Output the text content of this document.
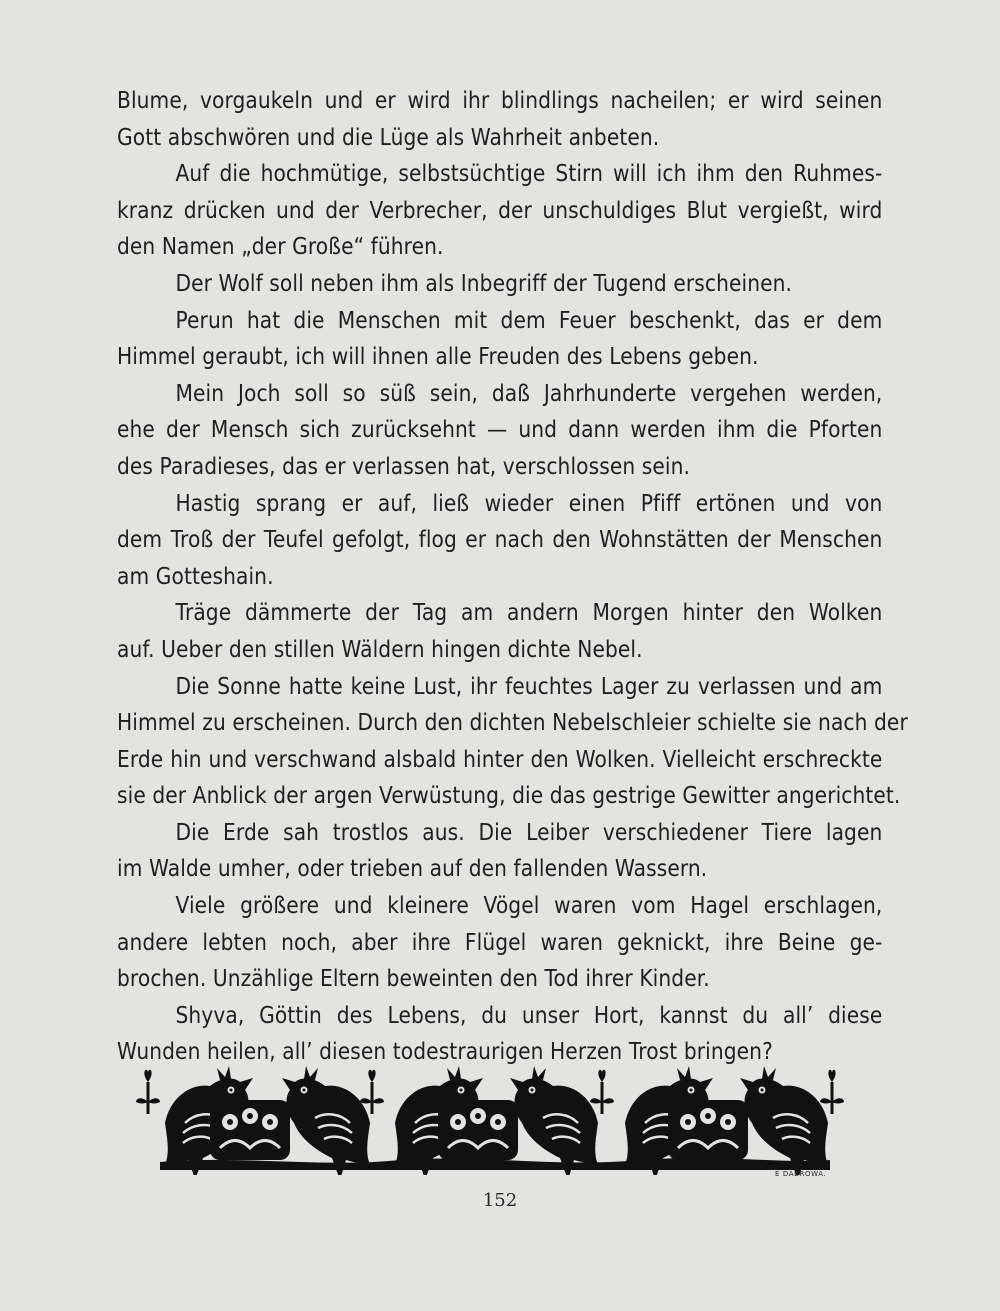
Blume, vorgaukeln und er wird ihr blindlings nacheilen; er wird seinen
Gott abschwören und die Lüge als Wahrheit anbeten.
Auf die hochmütige, selbstsüchtige Stirn will ich ihm den Ruhmes-
kranz drücken und der Verbrecher, der unschuldiges Blut vergießt, wird
den Namen „der Große“ führen.
Der Wolf soll neben ihm als Inbegriff der Tugend erscheinen.
Perun hat die Menschen mit dem Feuer beschenkt, das er dem
Himmel geraubt, ich will ihnen alle Freuden des Lebens geben.
Mein Joch soll so süß sein, daß Jahrhunderte vergehen werden,
ehe der Mensch sich zurücksehnt — und dann werden ihm die Pforten
des Paradieses, das er verlassen hat, verschlossen sein.
Hastig sprang er auf, ließ wieder einen Pfiff ertönen und von
dem Troß der Teufel gefolgt, flog er nach den Wohnstätten der Menschen
am Gotteshain.
Träge dämmerte der Tag am andern Morgen hinter den Wolken
auf. Ueber den stillen Wäldern hingen dichte Nebel.
Die Sonne hatte keine Lust, ihr feuchtes Lager zu verlassen und am
Himmel zu erscheinen. Durch den dichten Nebelschleier schielte sie nach der
Erde hin und verschwand alsbald hinter den Wolken. Vielleicht erschreckte
sie der Anblick der argen Verwüstung, die das gestrige Gewitter angerichtet.
Die Erde sah trostlos aus. Die Leiber verschiedener Tiere lagen
im Walde umher, oder trieben auf den fallenden Wassern.
Viele größere und kleinere Vögel waren vom Hagel erschlagen,
andere lebten noch, aber ihre Flügel waren geknickt, ihre Beine ge-
brochen. Unzählige Eltern beweinten den Tod ihrer Kinder.
Shyva, Göttin des Lebens, du unser Hort, kannst du all’ diese
Wunden heilen, all’ diesen todestraurigen Herzen Trost bringen?
E DABROWA.
152
